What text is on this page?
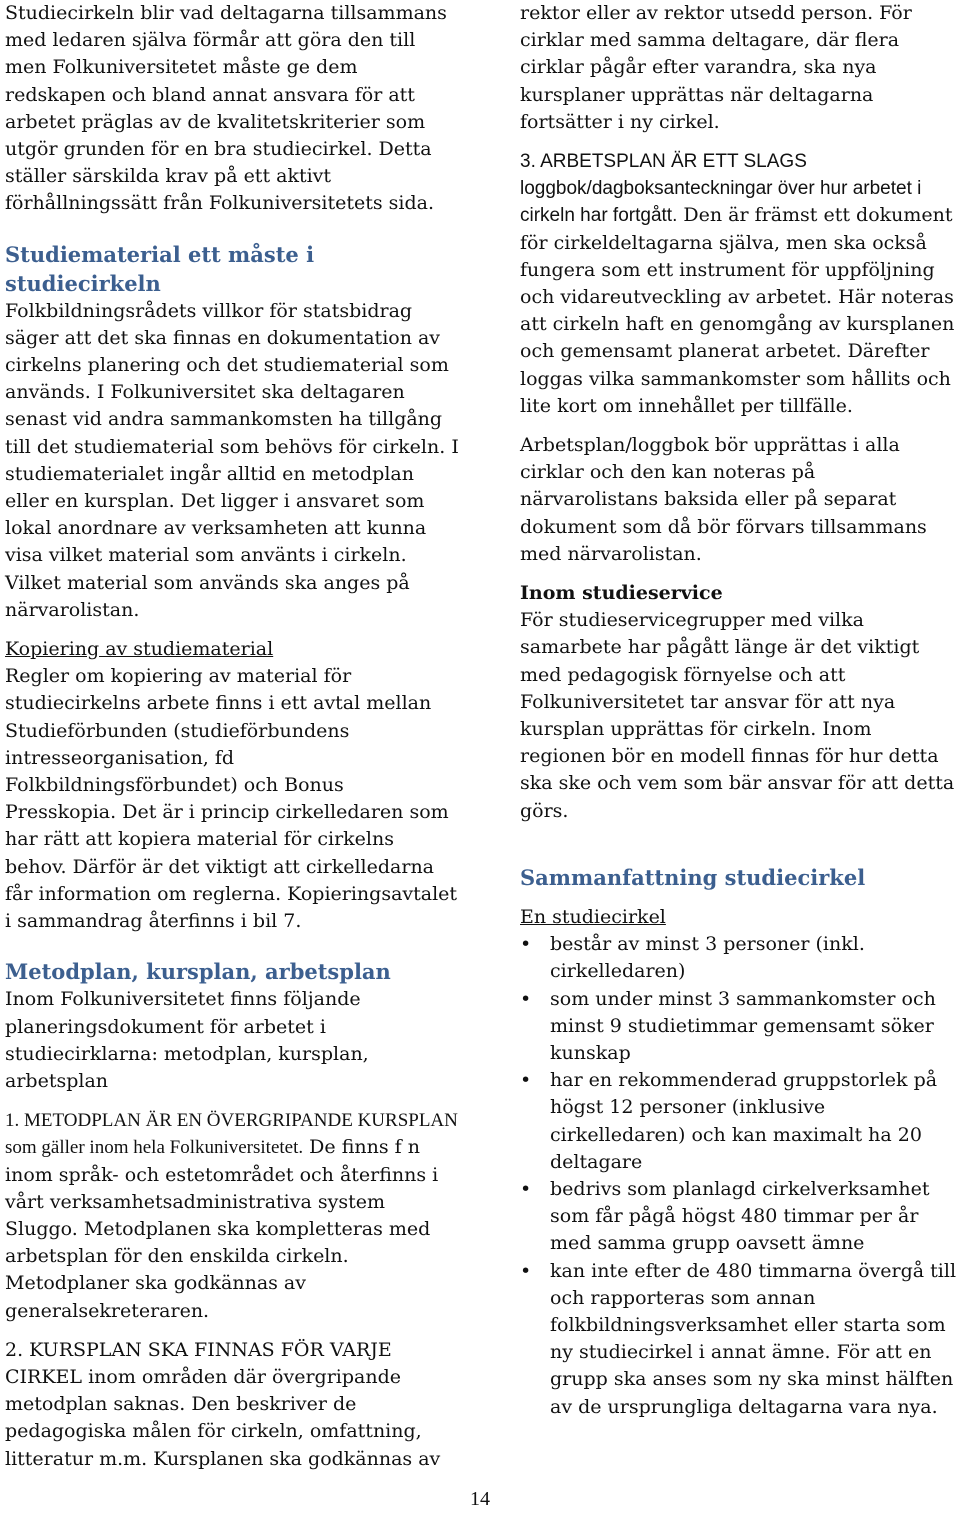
Studiecirkeln blir vad deltagarna tillsammans med ledaren själva förmår att göra den till men Folkuniversitetet måste ge dem redskapen och bland annat ansvara för att arbetet präglas av de kvalitetskriterier som utgör grunden för en bra studiecirkel. Detta ställer särskilda krav på ett aktivt förhållningssätt från Folkuniversitetets sida.

Studiematerial ett måste i studiecirkeln

Folkbildningsrådets villkor för statsbidrag säger att det ska finnas en dokumentation av cirkelns planering och det studiematerial som används. I Folkuniversitet ska deltagaren senast vid andra sammankomsten ha tillgång till det studiematerial som behövs för cirkeln. I studiematerialet ingår alltid en metodplan eller en kursplan. Det ligger i ansvaret som lokal anordnare av verksamheten att kunna visa vilket material som använts i cirkeln. Vilket material som används ska anges på närvarolistan.

Kopiering av studiematerial

Regler om kopiering av material för studiecirkelns arbete finns i ett avtal mellan Studieförbunden (studieförbundens intresseorganisation, fd Folkbildningsförbundet) och Bonus Presskopia. Det är i princip cirkelledaren som har rätt att kopiera material för cirkelns behov. Därför är det viktigt att cirkelledarna får information om reglerna. Kopieringsavtalet i sammandrag återfinns i bil 7.

Metodplan, kursplan, arbetsplan

Inom Folkuniversitetet finns följande planeringsdokument för arbetet i studiecirklarna: metodplan, kursplan, arbetsplan

1. METODPLAN ÄR EN ÖVERGRIPANDE KURSPLAN som gäller inom hela Folkuniversitetet. De finns f n inom språk- och estetområdet och återfinns i vårt verksamhetsadministrativa system Sluggo. Metodplanen ska kompletteras med arbetsplan för den enskilda cirkeln. Metodplaner ska godkännas av generalsekreteraren.

2. KURSPLAN SKA FINNAS FÖR VARJE CIRKEL inom områden där övergripande metodplan saknas. Den beskriver de pedagogiska målen för cirkeln, omfattning, litteratur m.m. Kursplanen ska godkännas av

rektor eller av rektor utsedd person. För cirklar med samma deltagare, där flera cirklar pågår efter varandra, ska nya kursplaner upprättas när deltagarna fortsätter i ny cirkel.

3. ARBETSPLAN ÄR ETT SLAGS loggbok/dagboksanteckningar över hur arbetet i cirkeln har fortgått. Den är främst ett dokument för cirkeldeltagarna själva, men ska också fungera som ett instrument för uppföljning och vidareutveckling av arbetet. Här noteras att cirkeln haft en genomgång av kursplanen och gemensamt planerat arbetet. Därefter loggas vilka sammankomster som hållits och lite kort om innehållet per tillfälle.

Arbetsplan/loggbok bör upprättas i alla cirklar och den kan noteras på närvarolistans baksida eller på separat dokument som då bör förvars tillsammans med närvarolistan.

Inom studieservice

För studieservicegrupper med vilka samarbete har pågått länge är det viktigt med pedagogisk förnyelse och att Folkuniversitetet tar ansvar för att nya kursplan upprättas för cirkeln. Inom regionen bör en modell finnas för hur detta ska ske och vem som bär ansvar för att detta görs.

Sammanfattning studiecirkel

En studiecirkel

• består av minst 3 personer (inkl. cirkelledaren)
• som under minst 3 sammankomster och minst 9 studietimmar gemensamt söker kunskap
• har en rekommenderad gruppstorlek på högst 12 personer (inklusive cirkelledaren) och kan maximalt ha 20 deltagare
• bedrivs som planlagd cirkelverksamhet som får pågå högst 480 timmar per år med samma grupp oavsett ämne
• kan inte efter de 480 timmarna övergå till och rapporteras som annan folkbildningsverksamhet eller starta som ny studiecirkel i annat ämne. För att en grupp ska anses som ny ska minst hälften av de ursprungliga deltagarna vara nya.
14
